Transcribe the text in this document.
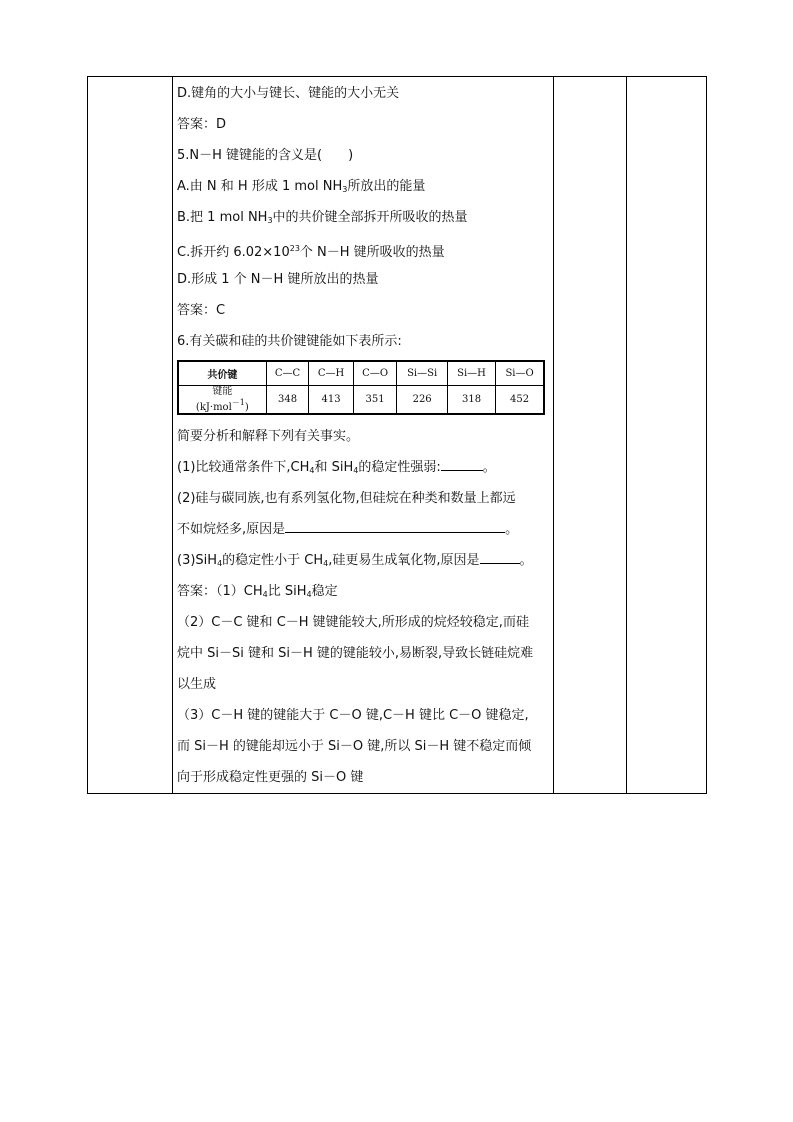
D.键角的大小与键长、键能的大小无关
答案：D
5.N－H 键键能的含义是(　　)
A.由 N 和 H 形成 1 mol $NH_3$所放出的能量
B.把 1 mol $NH_3$中的共价键全部拆开所吸收的热量
C.拆开约 $6.02\times 10^{23}$个 N－H 键所吸收的热量
D.形成 1 个 N－H 键所放出的热量
答案：C
6.有关碳和硅的共价键键能如下表所示:
共价键	C—C	C—H	C—O	Si—Si	Si—H	Si—O

键能
(kJ·mol$^{-1}$)	348	413	351	226	318	452
简要分析和解释下列有关事实。
(1)比较通常条件下$,CH_4$和 SiH$_4$的稳定性强弱:	。
(2)硅与碳同族,也有系列氢化物,但硅烷在种类和数量上都远
不如烷烃多,原因是	。
(3)SiH$_4$的稳定性小于 $CH_4$,硅更易生成氧化物,原因是	。
答案：$(1)CH_4$比 SiH$_4$稳定
（2）C－C 键和 C－H 键键能较大,所形成的烷烃较稳定,而硅
烷中 Si－Si 键和 Si－H 键的键能较小,易断裂,导致长链硅烷难
以生成
（3）C－H 键的键能大于 C－O 键,C－H 键比 C－O 键稳定,
而 Si－H 的键能却远小于 Si－O 键,所以 Si－H 键不稳定而倾
向于形成稳定性更强的 Si－O 键
